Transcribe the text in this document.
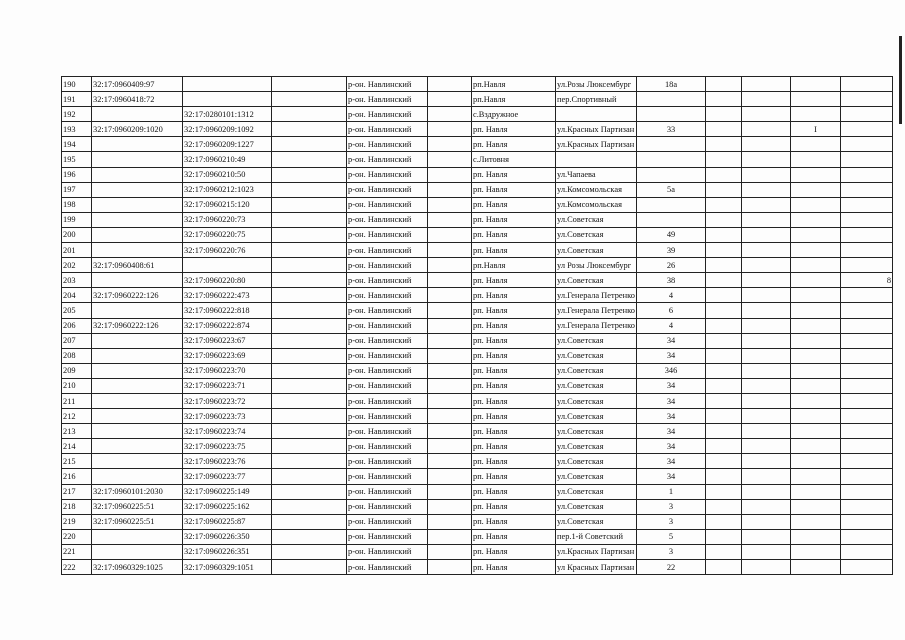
190	32:17:0960409:97			р-он. Навлинский		рп.Навля	ул.Розы Люксембург	18а				
191	32:17:0960418:72			р-он. Навлинский		рп.Навля	пер.Спортивный					
192		32:17:0280101:1312		р-он. Навлинский		с.Вздружное						
193	32:17:0960209:1020	32:17:0960209:1092		р-он. Навлинский		рп. Навля	ул.Красных Партизан	33			I	
194		32:17:0960209:1227		р-он. Навлинский		рп. Навля	ул.Красных Партизан					
195		32:17:0960210:49		р-он. Навлинский		с.Литовня						
196		32:17:0960210:50		р-он. Навлинский		рп. Навля	ул.Чапаева					
197		32:17:0960212:1023		р-он. Навлинский		рп. Навля	ул.Комсомольская	5а				
198		32:17:0960215:120		р-он. Навлинский		рп. Навля	ул.Комсомольская					
199		32:17:0960220:73		р-он. Навлинский		рп. Навля	ул.Советская					
200		32:17:0960220:75		р-он. Навлинский		рп. Навля	ул.Советская	49				
201		32:17:0960220:76		р-он. Навлинский		рп. Навля	ул.Советская	39				
202	32:17:0960408:61			р-он. Навлинский		рп.Навля	ул Розы Люксембург	26				
203		32:17:0960220:80		р-он. Навлинский		рп. Навля	ул.Советская	38				8
204	32:17:0960222:126	32:17:0960222:473		р-он. Навлинский		рп. Навля	ул.Генерала Петренко	4				
205		32:17:0960222:818		р-он. Навлинский		рп. Навля	ул.Генерала Петренко	6				
206	32:17:0960222:126	32:17:0960222:874		р-он. Навлинский		рп. Навля	ул.Генерала Петренко	4				
207		32:17:0960223:67		р-он. Навлинский		рп. Навля	ул.Советская	34				
208		32:17:0960223:69		р-он. Навлинский		рп. Навля	ул.Советская	34				
209		32:17:0960223:70		р-он. Навлинский		рп. Навля	ул.Советская	346				
210		32:17:0960223:71		р-он. Навлинский		рп. Навля	ул.Советская	34				
211		32:17:0960223:72		р-он. Навлинский		рп. Навля	ул.Советская	34				
212		32:17:0960223:73		р-он. Навлинский		рп. Навля	ул.Советская	34				
213		32:17:0960223:74		р-он. Навлинский		рп. Навля	ул.Советская	34				
214		32:17:0960223:75		р-он. Навлинский		рп. Навля	ул.Советская	34				
215		32:17:0960223:76		р-он. Навлинский		рп. Навля	ул.Советская	34				
216		32:17:0960223:77		р-он. Навлинский		рп. Навля	ул.Советская	34				
217	32:17:0960101:2030	32:17:0960225:149		р-он. Навлинский		рп. Навля	ул.Советская	1				
218	32:17:0960225:51	32:17:0960225:162		р-он. Навлинский		рп. Навля	ул.Советская	3				
219	32:17:0960225:51	32:17:0960225:87		р-он. Навлинский		рп. Навля	ул.Советская	3				
220		32:17:0960226:350		р-он. Навлинский		рп. Навля	пер.1-й Советский	5				
221		32:17:0960226:351		р-он. Навлинский		рп. Навля	ул.Красных Партизан	3				
222	32:17:0960329:1025	32:17:0960329:1051		р-он. Навлинский		рп. Навля	ул Красных Партизан	22				
